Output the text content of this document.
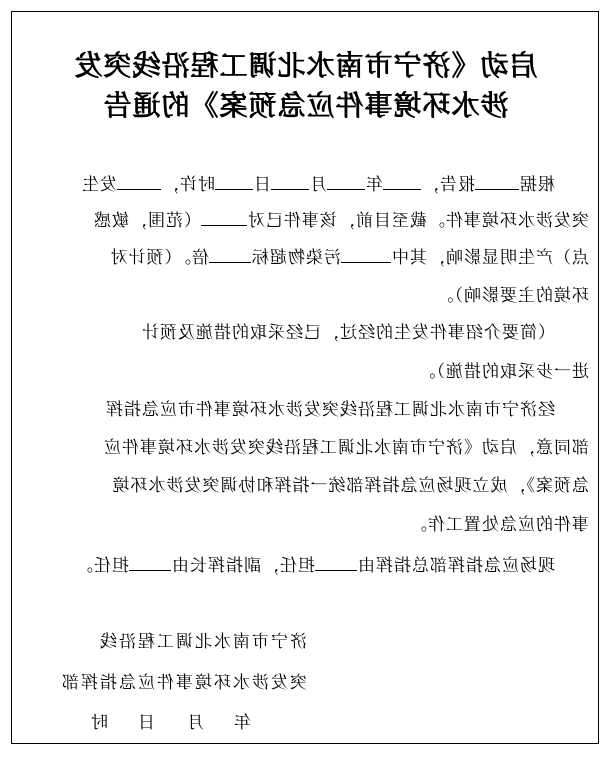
启动《济宁市南水北调工程沿线突发
涉水环境事件应急预案》的通告
根据报告，年月日时许，发生
突发涉水环境事件。截至目前，该事件已对（范围，敏感
点）产生明显影响，其中污染物超标倍。（预计对
环境的主要影响）。
（简要介绍事件发生的经过，已经采取的措施及预计
进一步采取的措施）。
经济宁市南水北调工程沿线突发涉水环境事件市应急指挥
部同意，启动《济宁市南水北调工程沿线突发涉水环境事件应
急预案》，成立现场应急指挥部统一指挥和协调突发涉水环境
事件的应急处置工作。
现场应急指挥部总指挥由担任，副指挥长由担任。
济宁市南水北调工程沿线
突发涉水环境事件应急指挥部
年月日时
